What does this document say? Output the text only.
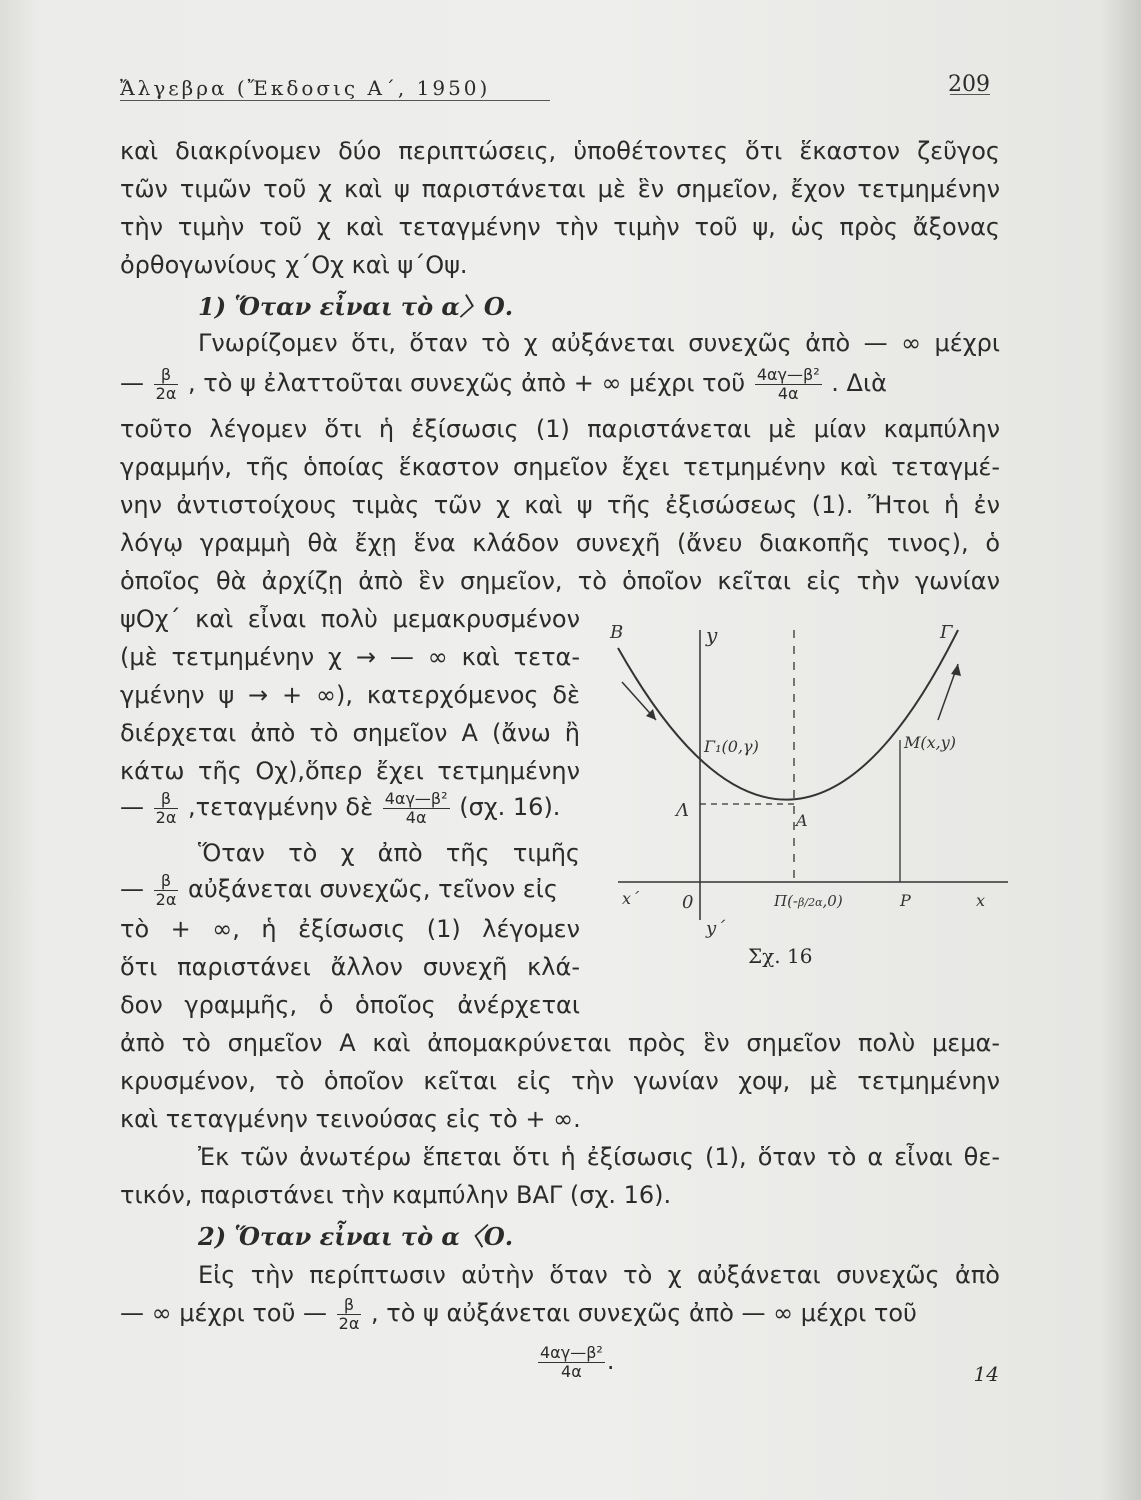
Ἄλγεβρα (Ἔκδοσις Α΄, 1950)	209
καὶ διακρίνομεν δύο περιπτώσεις, ὑποθέτοντες ὅτι ἕκαστον ζεῦγος
τῶν τιμῶν τοῦ χ καὶ ψ παριστάνεται μὲ ἓν σημεῖον, ἔχον τετμημένην
τὴν τιμὴν τοῦ χ καὶ τεταγμένην τὴν τιμὴν τοῦ ψ, ὡς πρὸς ἄξονας
ὀρθογωνίους χ΄Οχ καὶ ψ΄Οψ.
1) Ὅταν εἶναι τὸ α〉Ο.
Γνωρίζομεν ὅτι, ὅταν τὸ χ αὐξάνεται συνεχῶς ἀπὸ — ∞ μέχρι
— $\frac{\beta}{2\alpha}$ , τὸ ψ ἐλαττοῦται συνεχῶς ἀπὸ + ∞ μέχρι τοῦ $\frac{\text{4αγ—β²}}{4\alpha}$ . Διὰ
τοῦτο λέγομεν ὅτι ἡ ἐξίσωσις (1) παριστάνεται μὲ μίαν καμπύλην
γραμμήν, τῆς ὁποίας ἕκαστον σημεῖον ἔχει τετμημένην καὶ τεταγμέ-
νην ἀντιστοίχους τιμὰς τῶν χ καὶ ψ τῆς ἐξισώσεως (1). Ἤτοι ἡ ἐν
λόγῳ γραμμὴ θὰ ἔχῃ ἕνα κλάδον συνεχῆ (ἄνευ διακοπῆς τινος), ὁ
ὁποῖος θὰ ἀρχίζῃ ἀπὸ ἓν σημεῖον, τὸ ὁποῖον κεῖται εἰς τὴν γωνίαν
ψΟχ΄ καὶ εἶναι πολὺ μεμακρυσμένον
(μὲ τετμημένην χ → — ∞ καὶ τετα-
γμένην ψ → + ∞), κατερχόμενος δὲ
διέρχεται ἀπὸ τὸ σημεῖον Α (ἄνω ἢ
κάτω τῆς Οχ),ὅπερ ἔχει τετμημένην
— $\frac{\beta}{2\alpha} ,\tau\varepsilon\tau\alpha\gamma\mu έ\nu\eta\nu$ δὲ $\frac{\text{4αγ—β²}}{4\alpha} (\sigma\chi$. 16).
Ὅταν τὸ χ ἀπὸ τῆς τιμῆς
— $\frac{\beta}{2\alpha}$ αὐξάνεται συνεχῶς, τεῖνον εἰς
τὸ + ∞, ἡ ἐξίσωσις (1) λέγομεν
ὅτι παριστάνει ἄλλον συνεχῆ κλά-
δον γραμμῆς, ὁ ὁποῖος ἀνέρχεται
ἀπὸ τὸ σημεῖον Α καὶ ἀπομακρύνεται πρὸς ἓν σημεῖον πολὺ μεμα-
κρυσμένον, τὸ ὁποῖον κεῖται εἰς τὴν γωνίαν χοψ, μὲ τετμημένην
καὶ τεταγμένην τεινούσας εἰς τὸ + ∞.
Ἐκ τῶν ἀνωτέρω ἕπεται ὅτι ἡ ἐξίσωσις (1), ὅταν τὸ α εἶναι θε-
τικόν, παριστάνει τὴν καμπύλην ΒΑΓ (σχ. 16).
2) Ὅταν εἶναι τὸ α〈Ο.
Εἰς τὴν περίπτωσιν αὐτὴν ὅταν τὸ χ αὐξάνεται συνεχῶς ἀπὸ
— ∞ μέχρι τοῦ — $\frac{\beta}{2\alpha}$ , τὸ ψ αὐξάνεται συνεχῶς ἀπὸ — ∞ μέχρι τοῦ
$\frac{\text{4αγ—β²}}{4\alpha}$ .
Β	Γ
y
Γ₁(0,γ)	Μ(x,y)
Λ	Α
x΄ 0
y΄
Π(-β/2α,0)	Ρ	x
Σχ. 16
14
